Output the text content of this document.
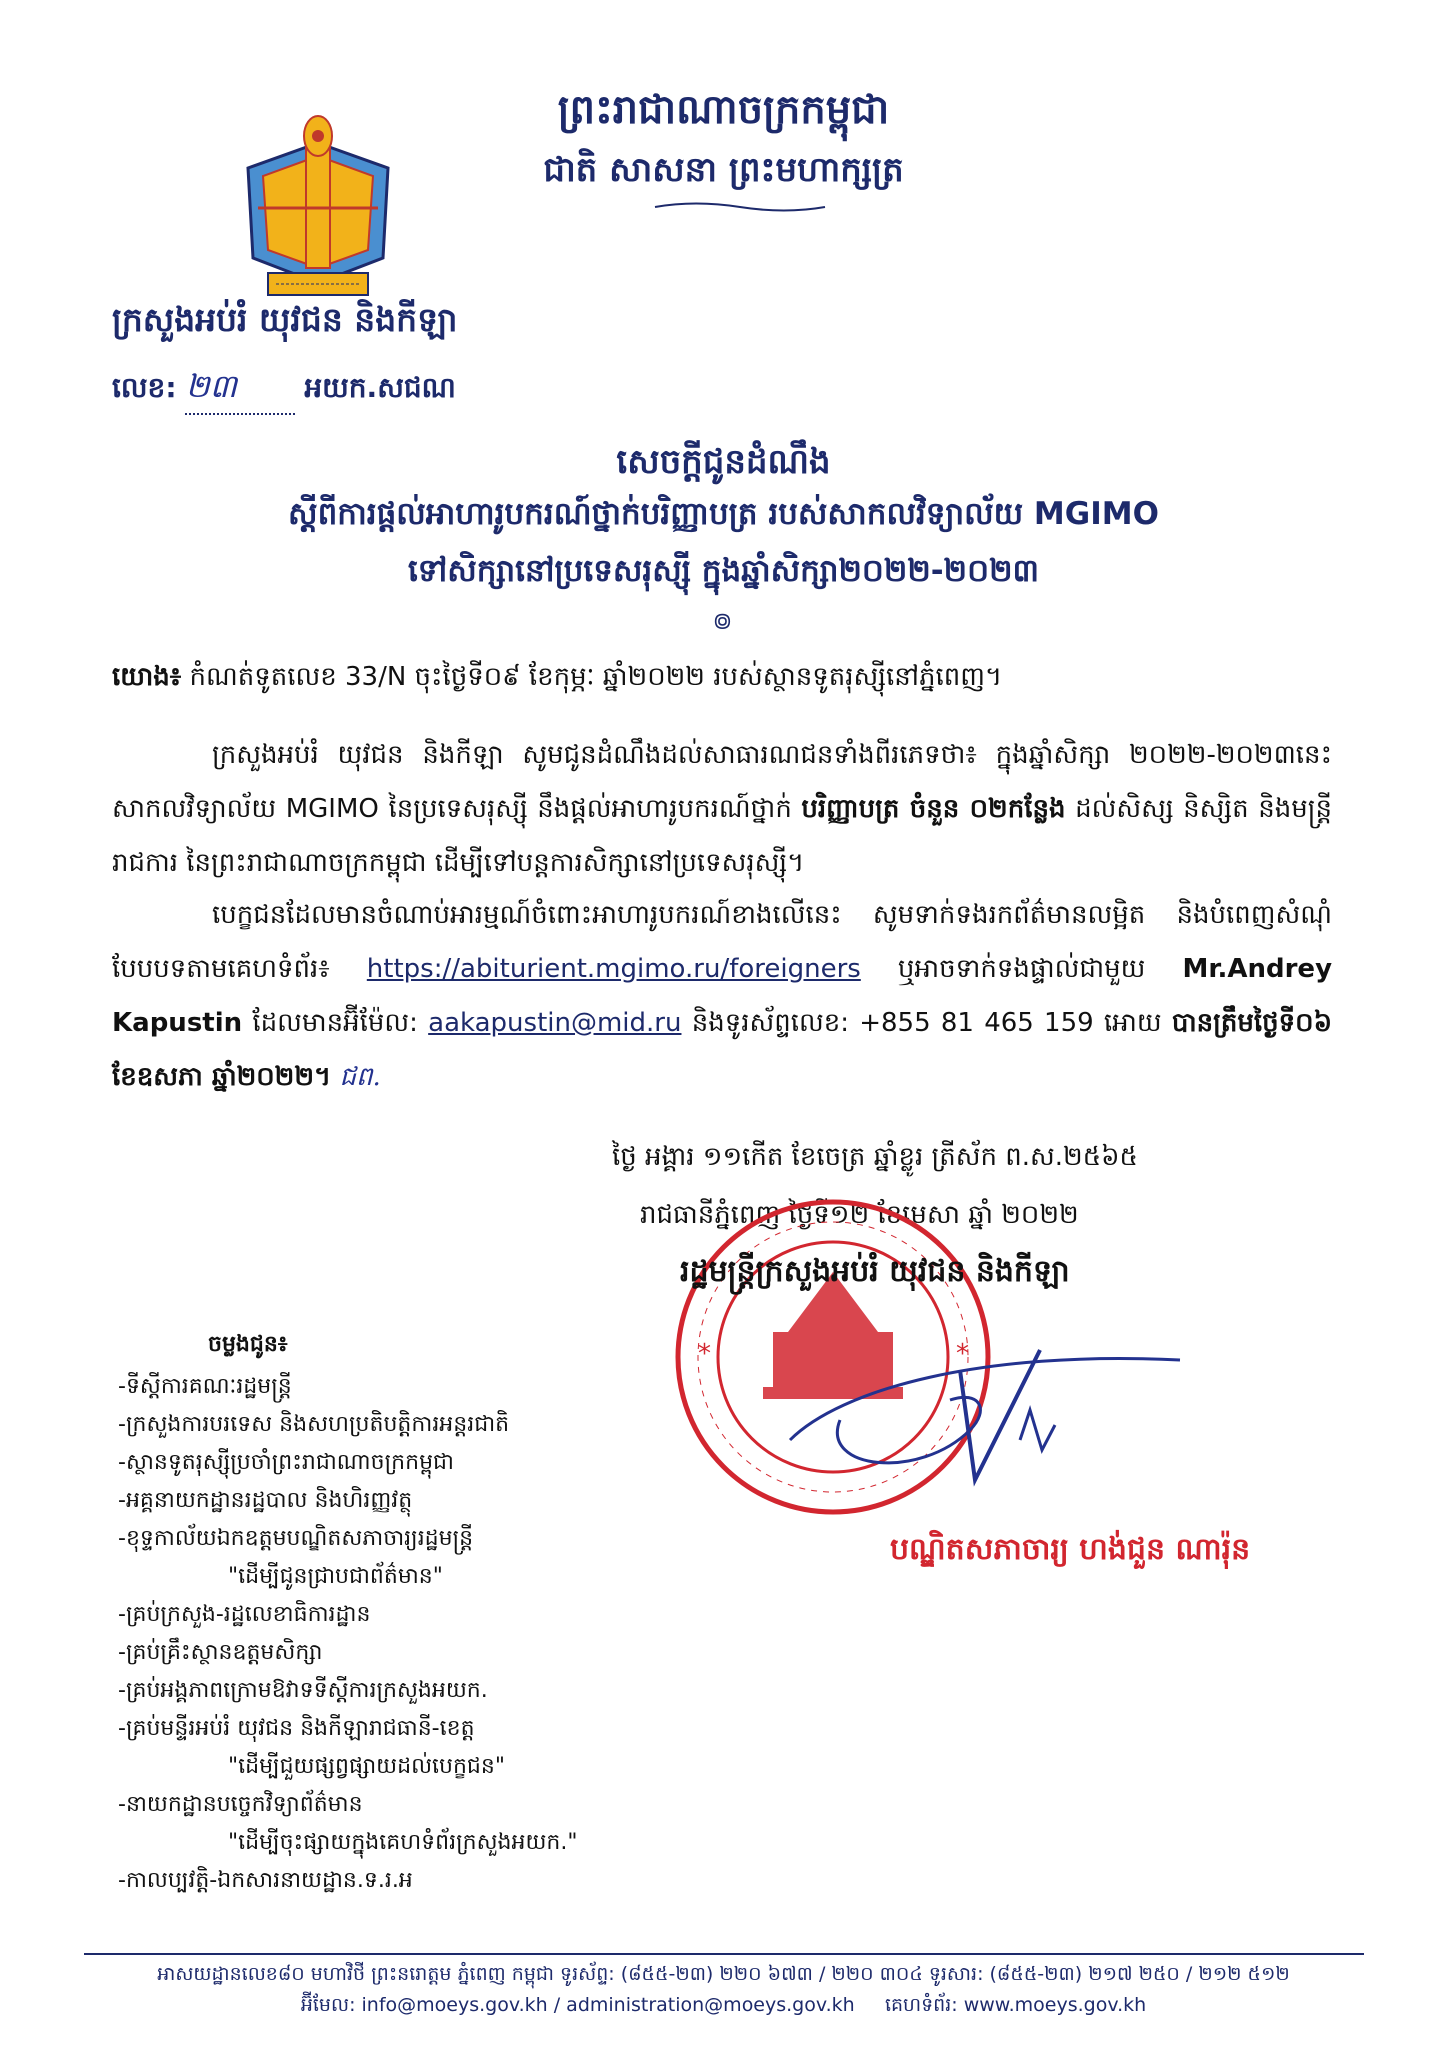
ព្រះរាជាណាចក្រកម្ពុជា
ជាតិ សាសនា ព្រះមហាក្សត្រ
ក្រសួងអប់រំ យុវជន និងកីឡា
លេខ: ២៣ អយក.សជណ
សេចក្តីជូនដំណឹង
ស្តីពីការផ្តល់អាហារូបករណ៍ថ្នាក់បរិញ្ញាបត្រ របស់សាកលវិទ្យាល័យ MGIMO
ទៅសិក្សានៅប្រទេសរុស្ស៊ី ក្នុងឆ្នាំសិក្សា២០២២-២០២៣
៙
យោង៖ កំណត់ទូតលេខ 33/N ចុះថ្ងៃទី០៩ ខែកុម្ភៈ ឆ្នាំ២០២២ របស់ស្ថានទូតរុស្ស៊ីនៅភ្នំពេញ។
ក្រសួងអប់រំ យុវជន និងកីឡា សូមជូនដំណឹងដល់សាធារណជនទាំងពីរភេទថា៖ ក្នុងឆ្នាំសិក្សា ២០២២-២០២៣នេះ សាកលវិទ្យាល័យ MGIMO នៃប្រទេសរុស្ស៊ី នឹងផ្តល់អាហារូបករណ៍ថ្នាក់ បរិញ្ញាបត្រ ចំនួន ០២កន្លែង ដល់សិស្ស និស្សិត និងមន្ត្រីរាជការ នៃព្រះរាជាណាចក្រកម្ពុជា ដើម្បីទៅបន្តការសិក្សានៅប្រទេសរុស្ស៊ី។
បេក្ខជនដែលមានចំណាប់អារម្មណ៍ចំពោះអាហារូបករណ៍ខាងលើនេះ សូមទាក់ទងរកព័ត៌មានលម្អិត និងបំពេញសំណុំបែបបទតាមគេហទំព័រ៖ https://abiturient.mgimo.ru/foreigners ឬអាចទាក់ទងផ្ទាល់ជាមួយ Mr.Andrey Kapustin ដែលមានអ៊ីម៉ែល: aakapustin@mid.ru និងទូរស័ព្ទលេខ: +855 81 465 159 អោយ បានត្រឹមថ្ងៃទី០៦ ខែឧសភា ឆ្នាំ២០២២។ ជព.
ថ្ងៃ អង្គារ ១១កើត ខែចេត្រ ឆ្នាំខ្លូរ ត្រីស័ក ព.ស.២៥៦៥
រាជធានីភ្នំពេញ ថ្ងៃទី១២ ខែមេសា ឆ្នាំ ២០២២
*	*
រដ្ឋមន្ត្រីក្រសួងអប់រំ យុវជន និងកីឡា
បណ្ឌិតសភាចារ្យ ហង់ជួន ណារ៉ុន
ចម្លងជូន៖
-ទីស្តីការគណៈរដ្ឋមន្ត្រី
-ក្រសួងការបរទេស និងសហប្រតិបត្តិការអន្តរជាតិ
-ស្ថានទូតរុស្ស៊ីប្រចាំព្រះរាជាណាចក្រកម្ពុជា
-អគ្គនាយកដ្ឋានរដ្ឋបាល និងហិរញ្ញវត្ថុ
-ខុទ្ទកាល័យឯកឧត្តមបណ្ឌិតសភាចារ្យរដ្ឋមន្ត្រី
"ដើម្បីជូនជ្រាបជាព័ត៌មាន"
-គ្រប់ក្រសួង-រដ្ឋលេខាធិការដ្ឋាន
-គ្រប់គ្រឹះស្ថានឧត្តមសិក្សា
-គ្រប់អង្គភាពក្រោមឱវាទទីស្តីការក្រសួងអយក.
-គ្រប់មន្ទីរអប់រំ យុវជន និងកីឡារាជធានី-ខេត្ត
"ដើម្បីជួយផ្សព្វផ្សាយដល់បេក្ខជន"
-នាយកដ្ឋានបច្ចេកវិទ្យាព័ត៌មាន
"ដើម្បីចុះផ្សាយក្នុងគេហទំព័រក្រសួងអយក."
-កាលប្បវត្តិ-ឯកសារនាយដ្ឋាន.ទ.រ.អ
អាសយដ្ឋានលេខ៨០ មហាវិថី ព្រះនរោត្តម ភ្នំពេញ កម្ពុជា ទូរស័ព្ទ: (៨៥៥-២៣) ២២០ ៦៧៣ / ២២០ ៣០៤ ទូរសារ: (៨៥៥-២៣) ២១៧ ២៥០ / ២១២ ៥១២
អ៊ីមែល: info@moeys.gov.kh / administration@moeys.gov.kh គេហទំព័រ: www.moeys.gov.kh
